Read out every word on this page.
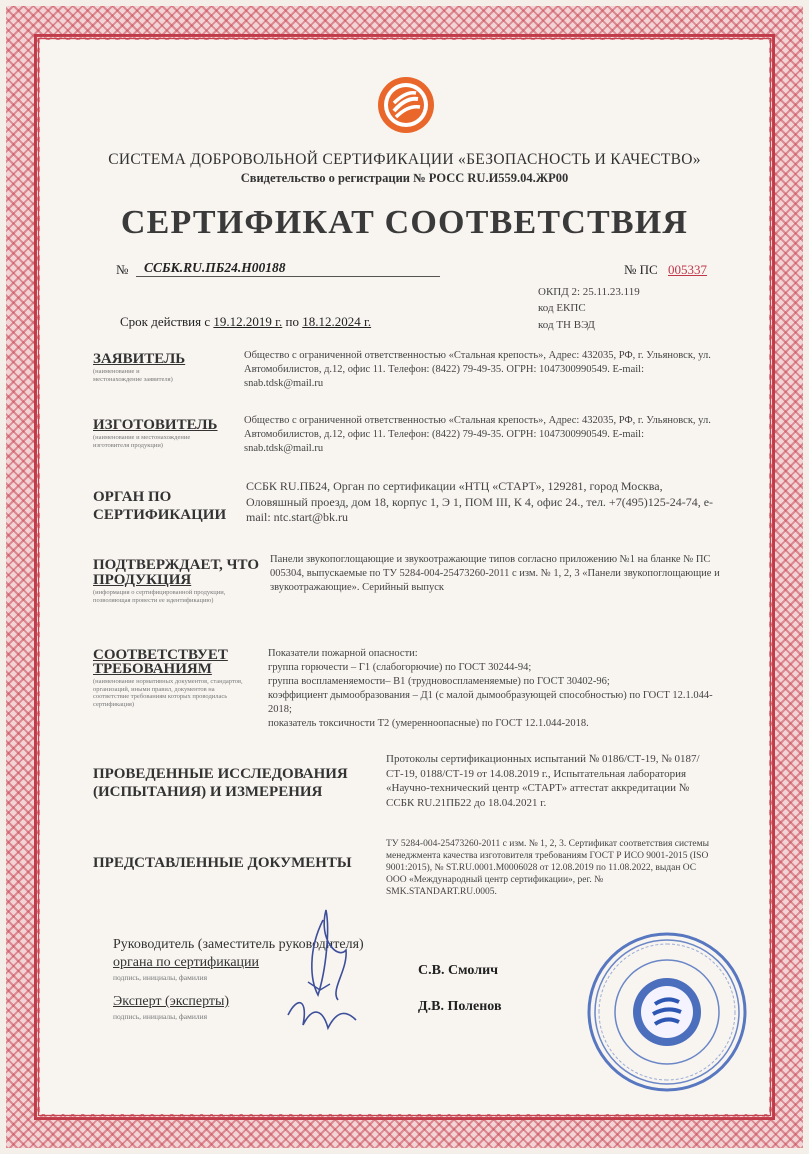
СИСТЕМА ДОБРОВОЛЬНОЙ СЕРТИФИКАЦИИ «БЕЗОПАСНОСТЬ И КАЧЕСТВО»
Свидетельство о регистрации № РОСС RU.И559.04.ЖР00
СЕРТИФИКАТ СООТВЕТСТВИЯ
№	ССБК.RU.ПБ24.Н00188	№ ПС 005337
ОКПД 2: 25.11.23.119
код ЕКПС
код ТН ВЭД
Срок действия с 19.12.2019 г. по 18.12.2024 г.
ЗАЯВИТЕЛЬ
(наименование и местонахождение заявителя)
Общество с ограниченной ответственностью «Стальная крепость», Адрес: 432035, РФ, г. Ульяновск, ул. Автомобилистов, д.12, офис 11. Телефон: (8422) 79-49-35. ОГРН: 1047300990549. E-mail: snab.tdsk@mail.ru
ИЗГОТОВИТЕЛЬ
(наименование и местонахождение изготовителя продукции)
Общество с ограниченной ответственностью «Стальная крепость», Адрес: 432035, РФ, г. Ульяновск, ул. Автомобилистов, д.12, офис 11. Телефон: (8422) 79-49-35. ОГРН: 1047300990549. E-mail: snab.tdsk@mail.ru
ОРГАН ПО
СЕРТИФИКАЦИИ
ССБК RU.ПБ24, Орган по сертификации «НТЦ «СТАРТ», 129281, город Москва, Оловяшный проезд, дом 18, корпус 1, Э 1, ПОМ III, К 4, офис 24., тел. +7(495)125-24-74, e-mail: ntc.start@bk.ru
ПОДТВЕРЖДАЕТ, ЧТО
ПРОДУКЦИЯ
(информация о сертифицированной продукции, позволяющая провести ее идентификацию)
Панели звукопоглощающие и звукоотражающие типов согласно приложению №1 на бланке № ПС 005304, выпускаемые по ТУ 5284-004-25473260-2011 с изм. № 1, 2, 3 «Панели звукопоглощающие и звукоотражающие». Серийный выпуск
СООТВЕТСТВУЕТ
ТРЕБОВАНИЯМ
(наименование нормативных документов, стандартов, организаций, иными правил, документов на соответствие требованиям которых проводилась сертификация)
Показатели пожарной опасности:
группа горючести – Г1 (слабогорючие) по ГОСТ 30244-94;
группа воспламеняемости– В1 (трудновоспламеняемые) по ГОСТ 30402-96;
коэффициент дымообразования – Д1 (с малой дымообразующей способностью) по ГОСТ 12.1.044-2018;
показатель токсичности Т2 (умеренноопасные) по ГОСТ 12.1.044-2018.
ПРОВЕДЕННЫЕ ИССЛЕДОВАНИЯ
(ИСПЫТАНИЯ) И ИЗМЕРЕНИЯ
Протоколы сертификационных испытаний № 0186/СТ-19, № 0187/СТ-19, 0188/СТ-19 от 14.08.2019 г., Испытательная лаборатория «Научно-технический центр «СТАРТ» аттестат аккредитации № ССБК RU.21ПБ22 до 18.04.2021 г.
ПРЕДСТАВЛЕННЫЕ ДОКУМЕНТЫ
ТУ 5284-004-25473260-2011 с изм. № 1, 2, 3. Сертификат соответствия системы менеджмента качества изготовителя требованиям ГОСТ Р ИСО 9001-2015 (ISO 9001:2015), № ST.RU.0001.M0006028 от 12.08.2019 по 11.08.2022, выдан ОС ООО «Международный центр сертификации», рег. № SMK.STANDART.RU.0005.
Руководитель (заместитель руководителя)
органа по сертификации
подпись, инициалы, фамилия	С.В. Смолич
Эксперт (эксперты)
подпись, инициалы, фамилия
Д.В. Поленов
